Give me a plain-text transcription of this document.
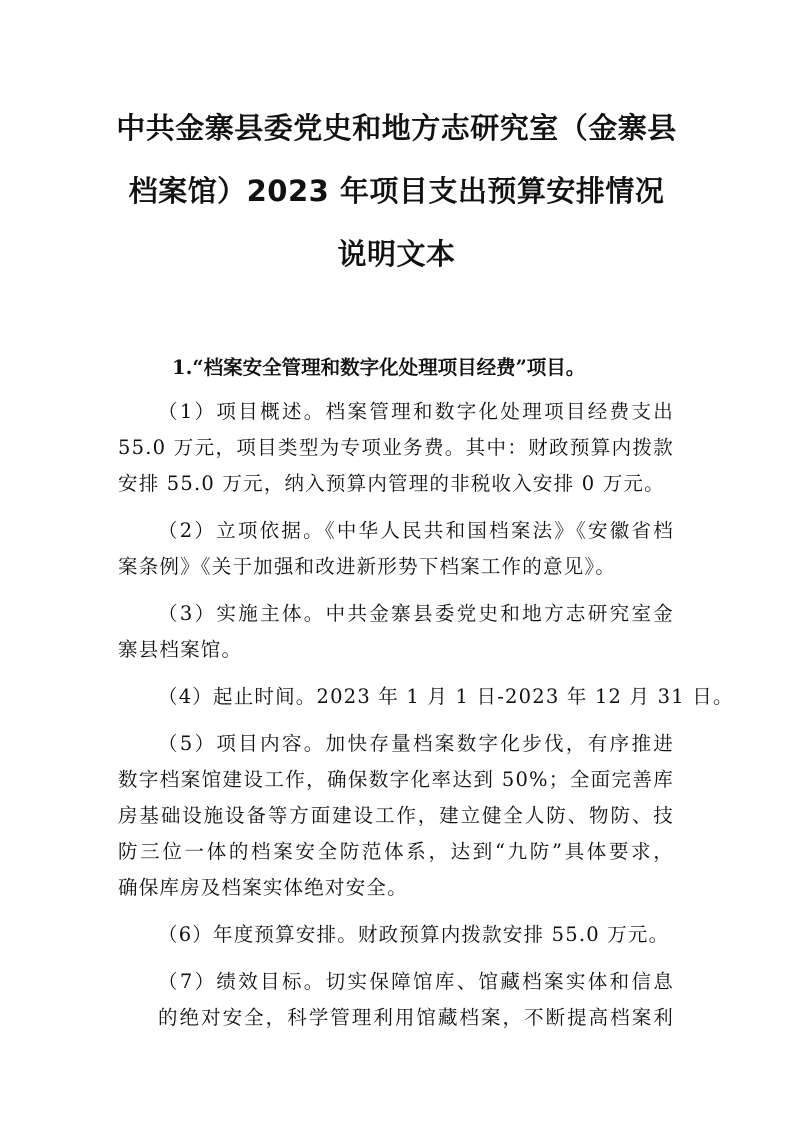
中共金寨县委党史和地方志研究室（金寨县
档案馆）2023 年项目支出预算安排情况
说明文本

1.“档案安全管理和数字化处理项目经费”项目。

（1）项目概述。档案管理和数字化处理项目经费支出

55.0 万元，项目类型为专项业务费。其中：财政预算内拨款

安排 55.0 万元，纳入预算内管理的非税收入安排 0 万元。

（2）立项依据。《中华人民共和国档案法》《安徽省档

案条例》《关于加强和改进新形势下档案工作的意见》。

（3）实施主体。中共金寨县委党史和地方志研究室金

寨县档案馆。

（4）起止时间。2023 年 1 月 1 日-2023 年 12 月 31 日。

（5）项目内容。加快存量档案数字化步伐，有序推进

数字档案馆建设工作，确保数字化率达到 50%；全面完善库

房基础设施设备等方面建设工作，建立健全人防、物防、技

防三位一体的档案安全防范体系，达到“九防”具体要求，

确保库房及档案实体绝对安全。

（6）年度预算安排。财政预算内拨款安排 55.0 万元。

（7）绩效目标。切实保障馆库、馆藏档案实体和信息

的绝对安全，科学管理利用馆藏档案，不断提高档案利
